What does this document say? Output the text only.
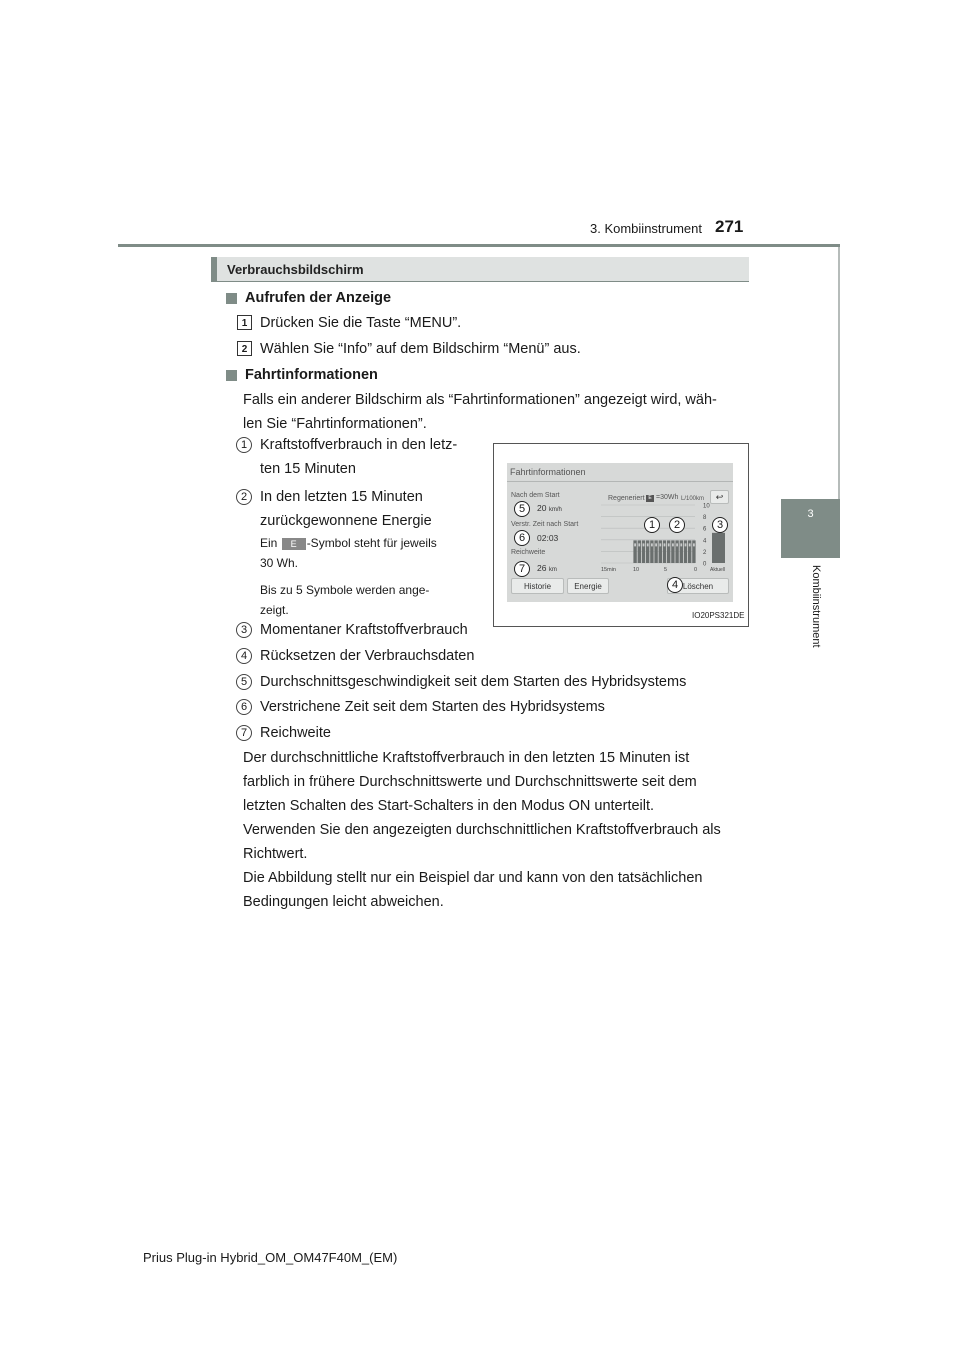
3. Kombiinstrument 271
3
Kombiinstrument
Verbrauchsbildschirm
Aufrufen der Anzeige
1 Drücken Sie die Taste “MENU”.
2 Wählen Sie “Info” auf dem Bildschirm “Menü” aus.
Fahrtinformationen
Falls ein anderer Bildschirm als “Fahrtinformationen” angezeigt wird, wäh-
len Sie “Fahrtinformationen”.
1 Kraftstoffverbrauch in den letz-
ten 15 Minuten
2 In den letzten 15 Minuten
zurückgewonnene Energie
Ein E -Symbol steht für jeweils
30 Wh.
Bis zu 5 Symbole werden ange-
zeigt.
3 Momentaner Kraftstoffverbrauch
4 Rücksetzen der Verbrauchsdaten
5 Durchschnittsgeschwindigkeit seit dem Starten des Hybridsystems
6 Verstrichene Zeit seit dem Starten des Hybridsystems
7 Reichweite
Der durchschnittliche Kraftstoffverbrauch in den letzten 15 Minuten ist
farblich in frühere Durchschnittswerte und Durchschnittswerte seit dem
letzten Schalten des Start-Schalters in den Modus ON unterteilt.
Verwenden Sie den angezeigten durchschnittlichen Kraftstoffverbrauch als
Richtwert.
Die Abbildung stellt nur ein Beispiel dar und kann von den tatsächlichen
Bedingungen leicht abweichen.
Fahrtinformationen
Nach dem Start
20 km/h
Verstr. Zeit nach Start
02:03
Reichweite
26 km
Regeneriert E =30Wh L/100km	↩
10
8
6
4
2
0
15min	10	5	0	Aktuell
Historie	Energie	Löschen
5
6
7
1	2	3
4
IO20PS321DE
Prius Plug-in Hybrid_OM_OM47F40M_(EM)
